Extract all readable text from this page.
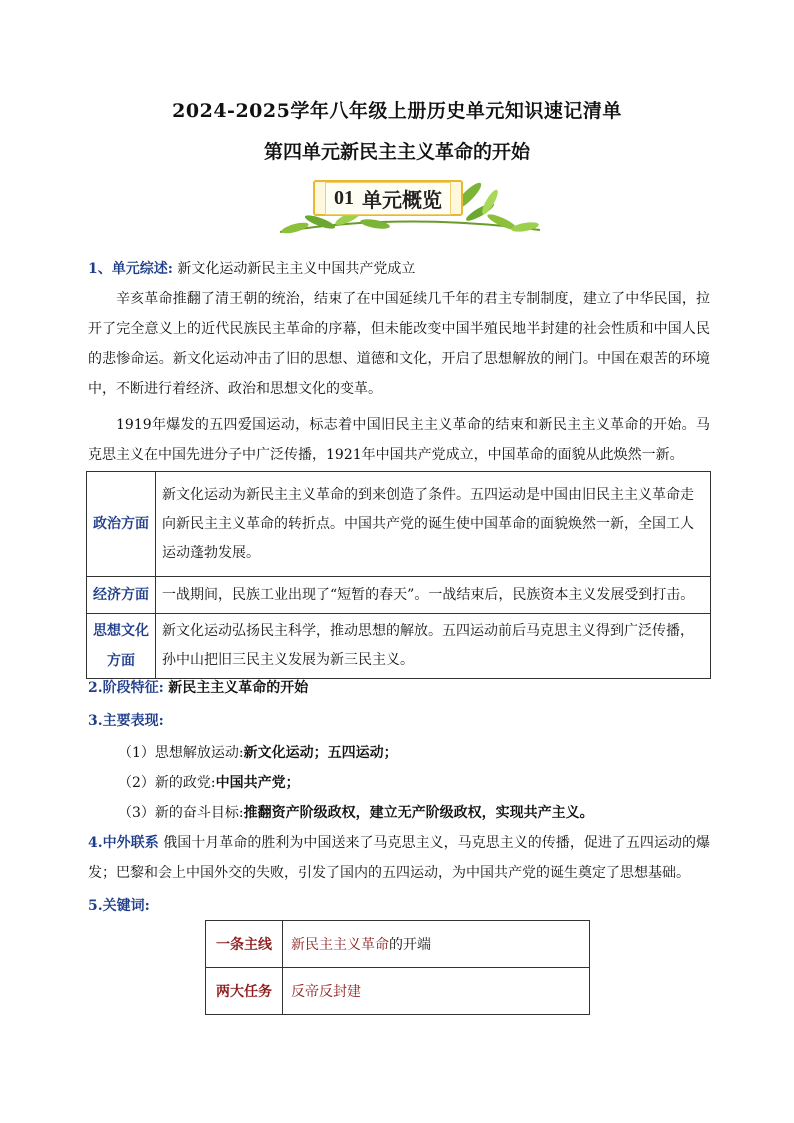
2024-2025学年八年级上册历史单元知识速记清单
第四单元新民主主义革命的开始
01 单元概览
1、单元综述: 新文化运动新民主主义中国共产党成立
辛亥革命推翻了清王朝的统治，结束了在中国延续几千年的君主专制制度，建立了中华民国，拉开了完全意义上的近代民族民主革命的序幕，但未能改变中国半殖民地半封建的社会性质和中国人民的悲惨命运。新文化运动冲击了旧的思想、道德和文化，开启了思想解放的闸门。中国在艰苦的环境中，不断进行着经济、政治和思想文化的变革。
1919年爆发的五四爱国运动，标志着中国旧民主主义革命的结束和新民主主义革命的开始。马克思主义在中国先进分子中广泛传播，1921年中国共产党成立，中国革命的面貌从此焕然一新。
政治方面	新文化运动为新民主主义革命的到来创造了条件。五四运动是中国由旧民主主义革命走向新民主主义革命的转折点。中国共产党的诞生使中国革命的面貌焕然一新，全国工人运动蓬勃发展。
经济方面	一战期间，民族工业出现了“短暂的春天”。一战结束后，民族资本主义发展受到打击。
思想文化方面	新文化运动弘扬民主科学，推动思想的解放。五四运动前后马克思主义得到广泛传播，孙中山把旧三民主义发展为新三民主义。
2.阶段特征: 新民主主义革命的开始
3.主要表现:
（1）思想解放运动:新文化运动；五四运动；
（2）新的政党:中国共产党；
（3）新的奋斗目标:推翻资产阶级政权，建立无产阶级政权，实现共产主义。
4.中外联系 俄国十月革命的胜利为中国送来了马克思主义，马克思主义的传播，促进了五四运动的爆发；巴黎和会上中国外交的失败，引发了国内的五四运动，为中国共产党的诞生奠定了思想基础。
5.关键词:
一条主线	新民主主义革命的开端
两大任务	反帝反封建
